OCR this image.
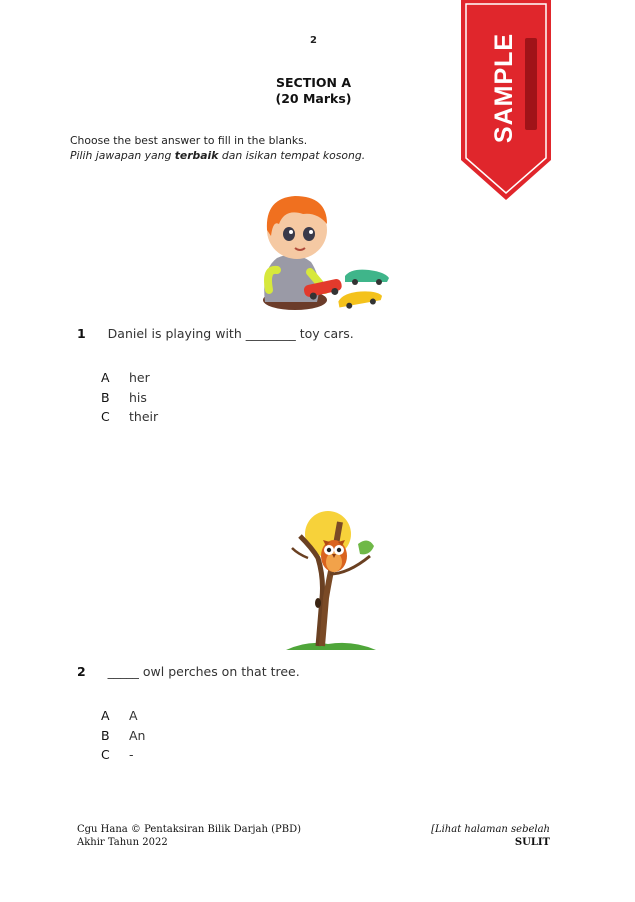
2
SECTION A
(20 Marks)
Choose the best answer to fill in the blanks.
Pilih jawapan yang terbaik dan isikan tempat kosong.
SAMPLE
1 Daniel is playing with ________ toy cars.
A her
B his
C their
2 _____ owl perches on that tree.
A A
B An
C -
Cgu Hana © Pentaksiran Bilik Darjah (PBD)
Akhir Tahun 2022
[Lihat halaman sebelah
SULIT
